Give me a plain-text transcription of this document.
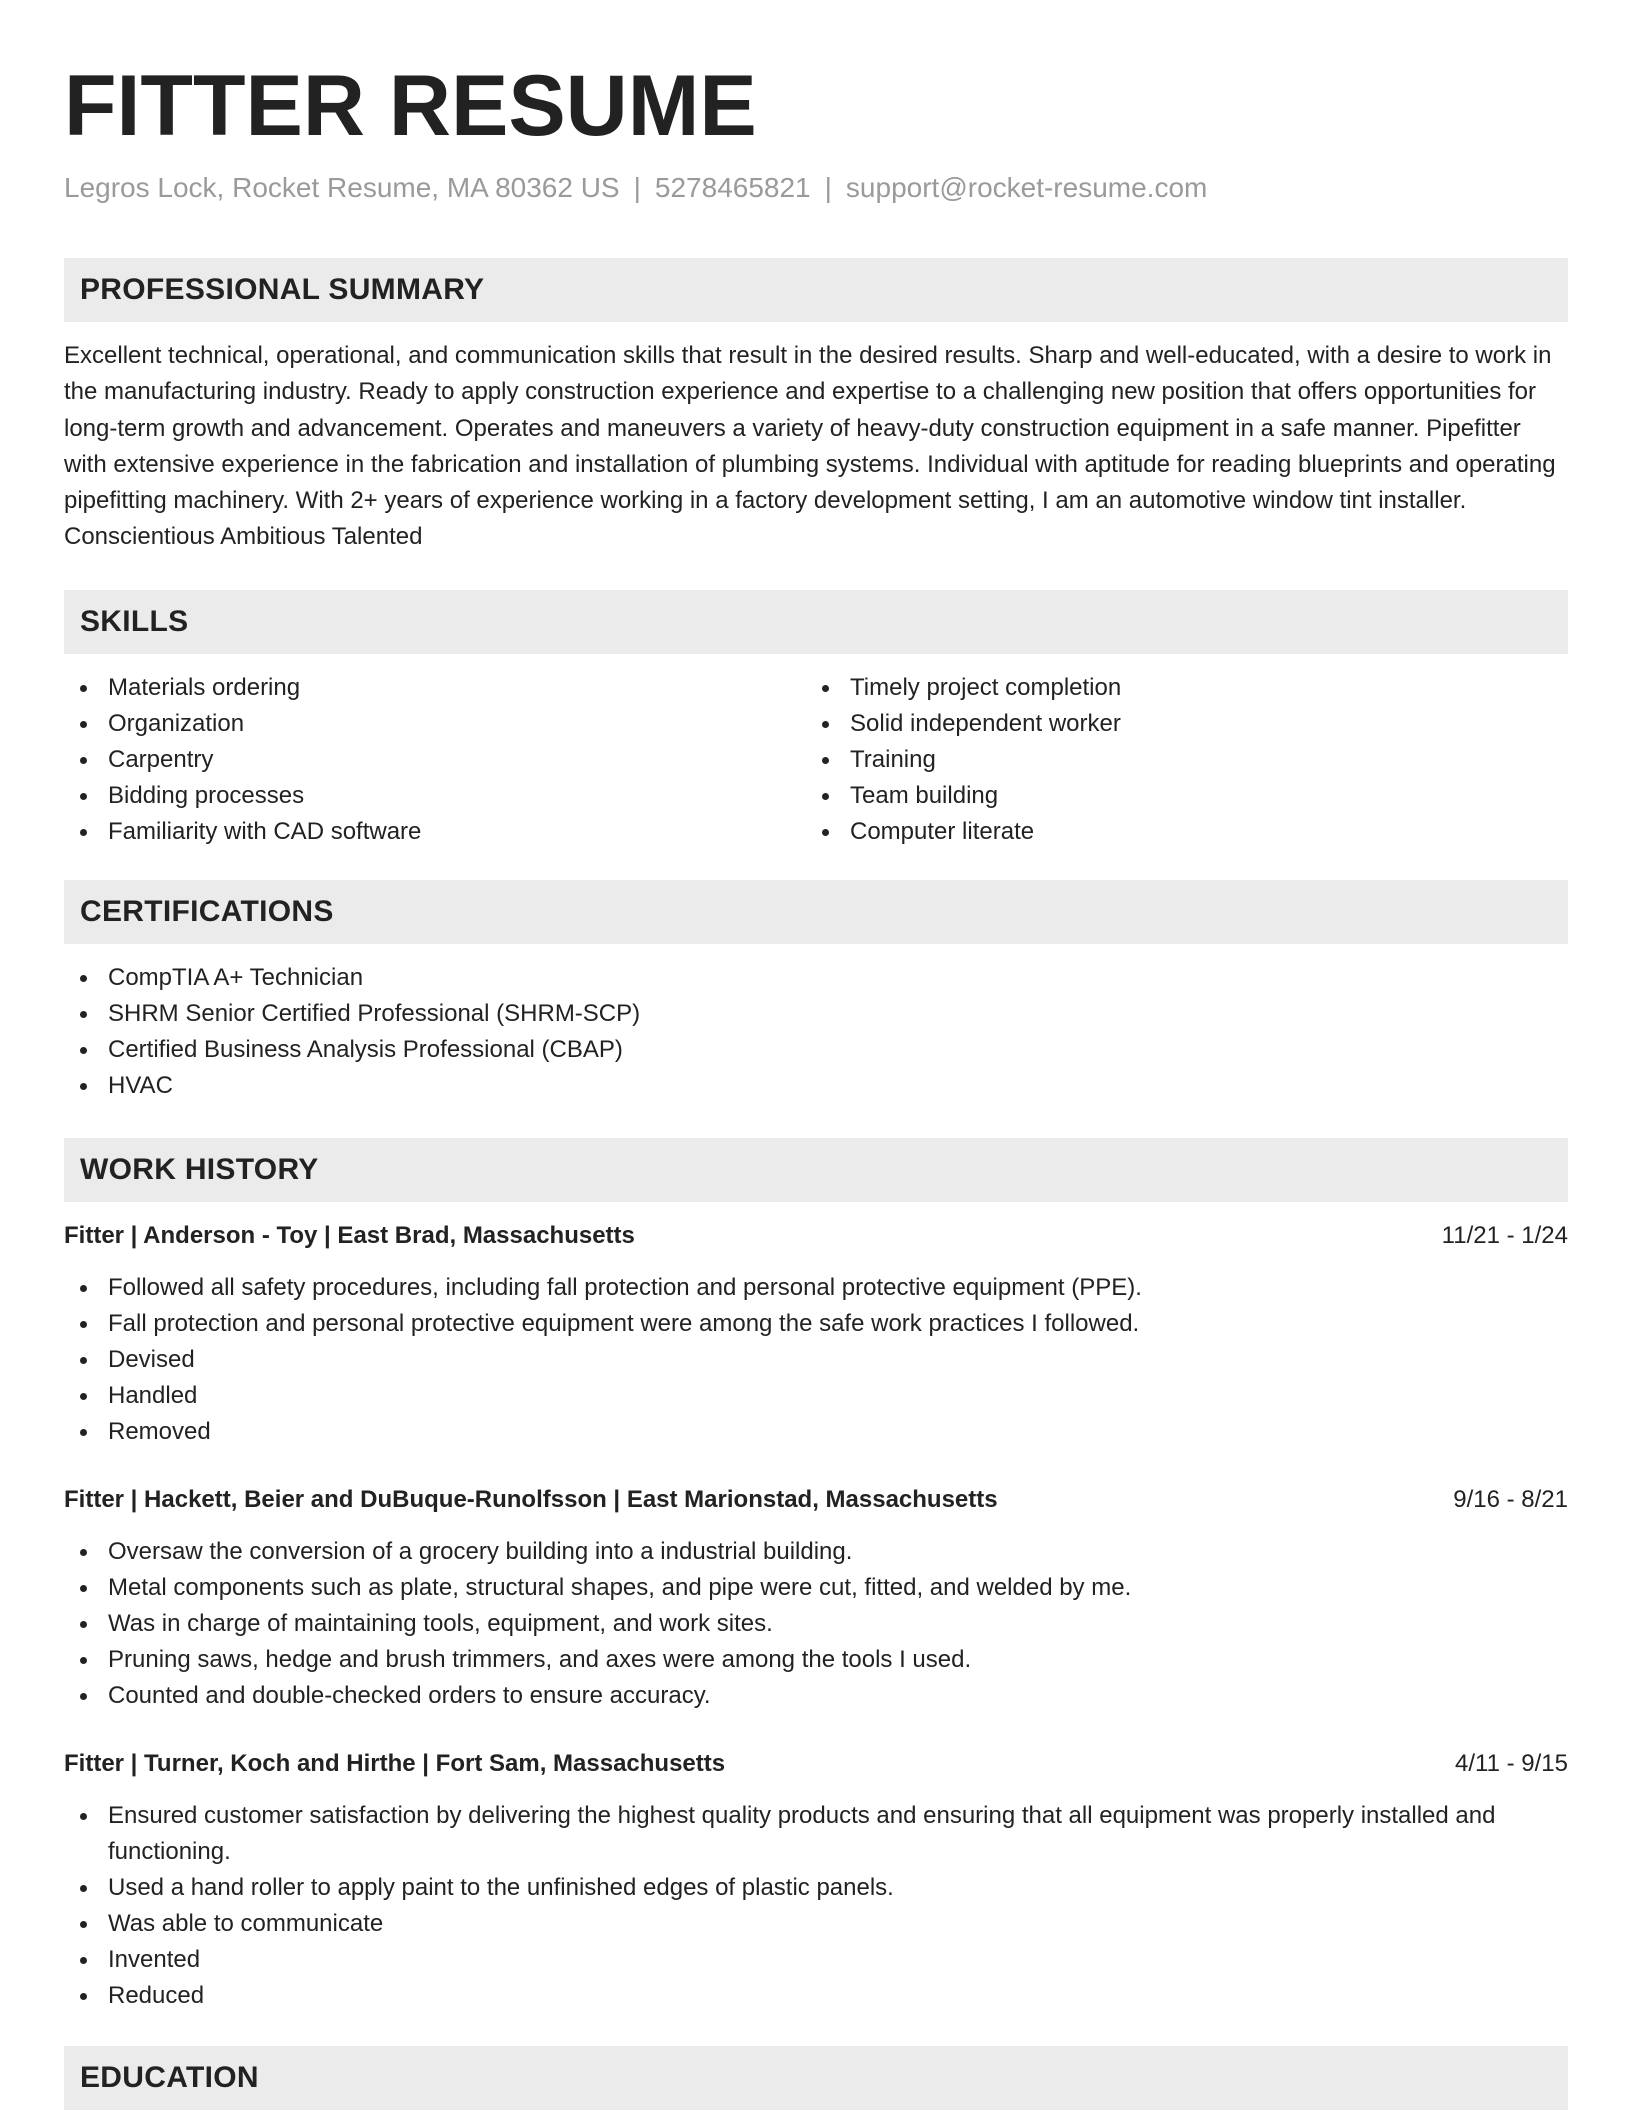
FITTER RESUME
Legros Lock, Rocket Resume, MA 80362 US | 5278465821 | support@rocket-resume.com
PROFESSIONAL SUMMARY

Excellent technical, operational, and communication skills that result in the desired results. Sharp and well-educated, with a desire to work in the manufacturing industry. Ready to apply construction experience and expertise to a challenging new position that offers opportunities for long-term growth and advancement. Operates and maneuvers a variety of heavy-duty construction equipment in a safe manner. Pipefitter with extensive experience in the fabrication and installation of plumbing systems. Individual with aptitude for reading blueprints and operating pipefitting machinery. With 2+ years of experience working in a factory development setting, I am an automotive window tint installer. Conscientious Ambitious Talented

SKILLS
Materials ordering
Organization
Carpentry
Bidding processes
Familiarity with CAD software
Timely project completion
Solid independent worker
Training
Team building
Computer literate
CERTIFICATIONS
CompTIA A+ Technician
SHRM Senior Certified Professional (SHRM-SCP)
Certified Business Analysis Professional (CBAP)
HVAC
WORK HISTORY
Fitter | Anderson - Toy | East Brad, Massachusetts	11/21 - 1/24
Followed all safety procedures, including fall protection and personal protective equipment (PPE).
Fall protection and personal protective equipment were among the safe work practices I followed.
Devised
Handled
Removed
Fitter | Hackett, Beier and DuBuque-Runolfsson | East Marionstad, Massachusetts	9/16 - 8/21
Oversaw the conversion of a grocery building into a industrial building.
Metal components such as plate, structural shapes, and pipe were cut, fitted, and welded by me.
Was in charge of maintaining tools, equipment, and work sites.
Pruning saws, hedge and brush trimmers, and axes were among the tools I used.
Counted and double-checked orders to ensure accuracy.
Fitter | Turner, Koch and Hirthe | Fort Sam, Massachusetts	4/11 - 9/15
Ensured customer satisfaction by delivering the highest quality products and ensuring that all equipment was properly installed and functioning.
Used a hand roller to apply paint to the unfinished edges of plastic panels.
Was able to communicate
Invented
Reduced
EDUCATION
